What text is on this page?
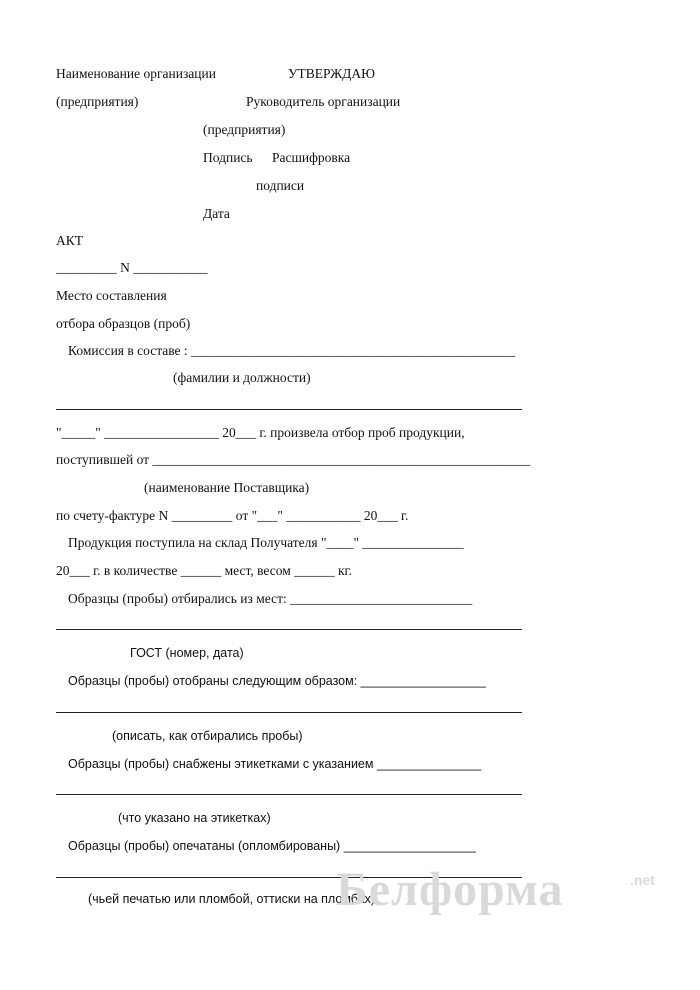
Наименование организации	УТВЕРЖДАЮ
(предприятия)	Руководитель организации
(предприятия)
Подпись Расшифровка
подписи
Дата
АКТ
_________ N ___________
Место составления
отбора образцов (проб)
Комиссия в составе : ________________________________________________
(фамилии и должности)
"_____" _________________ 20___ г. произвела отбор проб продукции,
поступившей от ________________________________________________________
(наименование Поставщика)
по счету-фактуре N _________ от "___" ___________ 20___ г.
Продукция поступила на склад Получателя "____" _______________
20___ г. в количестве ______ мест, весом ______ кг.
Образцы (пробы) отбирались из мест: ___________________________
ГОСТ (номер, дата)
Образцы (пробы) отобраны следующим образом: __________________
(описать, как отбирались пробы)
Образцы (пробы) снабжены этикетками с указанием _______________
(что указано на этикетках)
Образцы (пробы) опечатаны (опломбированы) ___________________
(чьей печатью или пломбой, оттиски на пломбах)
Белформа	.net
